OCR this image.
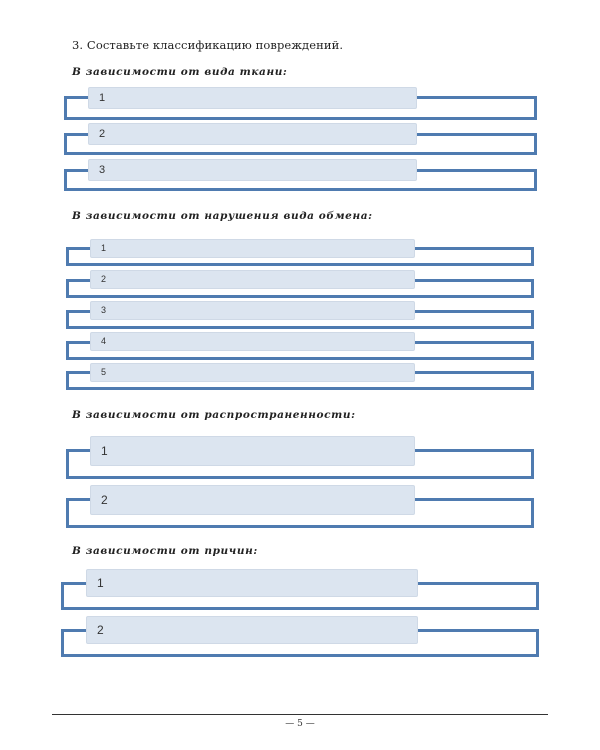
3. Составьте классификацию повреждений.
В зависимости от вида ткани:
1
2
3
В зависимости от нарушения вида обмена:
1
2
3
4
5
В зависимости от распространенности:
1
2
В зависимости от причин:
1
2
— 5 —
